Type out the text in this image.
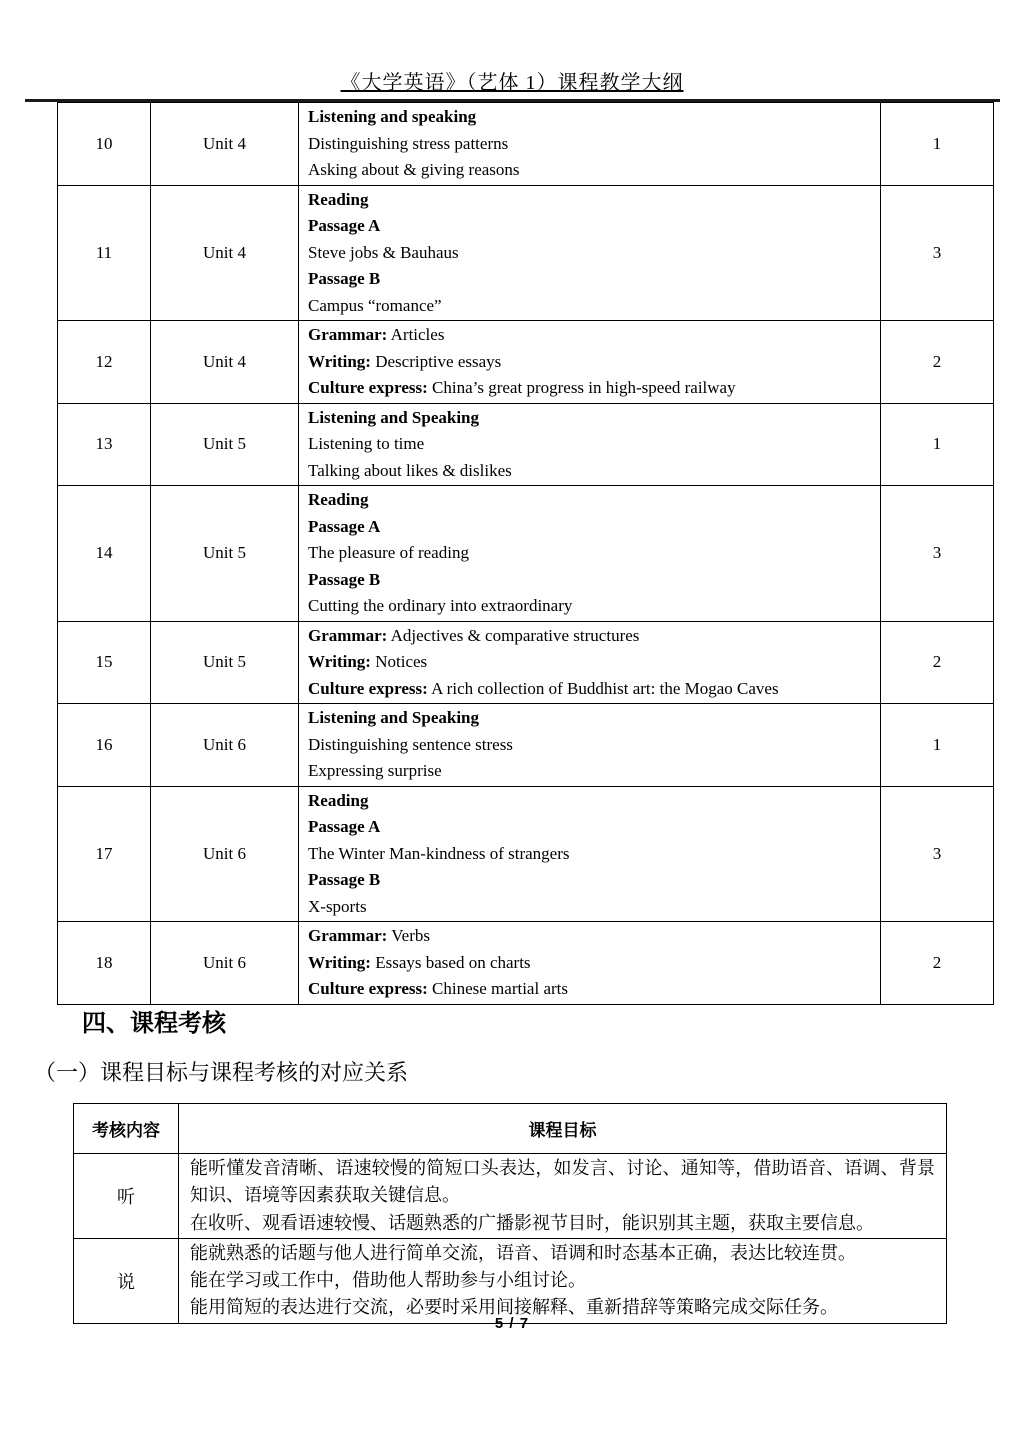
《大学英语》（艺体 1）课程教学大纲
10	Unit 4	Listening and speaking
Distinguishing stress patterns
Asking about & giving reasons	1
11	Unit 4	Reading
Passage A
Steve jobs & Bauhaus
Passage B
Campus “romance”	3
12	Unit 4	Grammar: Articles
Writing: Descriptive essays
Culture express: China’s great progress in high-speed railway	2
13	Unit 5	Listening and Speaking
Listening to time
Talking about likes & dislikes	1
14	Unit 5	Reading
Passage A
The pleasure of reading
Passage B
Cutting the ordinary into extraordinary	3
15	Unit 5	Grammar: Adjectives & comparative structures
Writing: Notices
Culture express: A rich collection of Buddhist art: the Mogao Caves	2
16	Unit 6	Listening and Speaking
Distinguishing sentence stress
Expressing surprise	1
17	Unit 6	Reading
Passage A
The Winter Man-kindness of strangers
Passage B
X-sports	3
18	Unit 6	Grammar: Verbs
Writing: Essays based on charts
Culture express: Chinese martial arts	2
四、课程考核
（一）课程目标与课程考核的对应关系
考核内容	课程目标
听	能听懂发音清晰、语速较慢的简短口头表达，如发言、讨论、通知等，借助语音、语调、背景知识、语境等因素获取关键信息。
在收听、观看语速较慢、话题熟悉的广播影视节目时，能识别其主题，获取主要信息。

说	能就熟悉的话题与他人进行简单交流，语音、语调和时态基本正确，表达比较连贯。
能在学习或工作中，借助他人帮助参与小组讨论。
能用简短的表达进行交流，必要时采用间接解释、重新措辞等策略完成交际任务。
5 / 7
